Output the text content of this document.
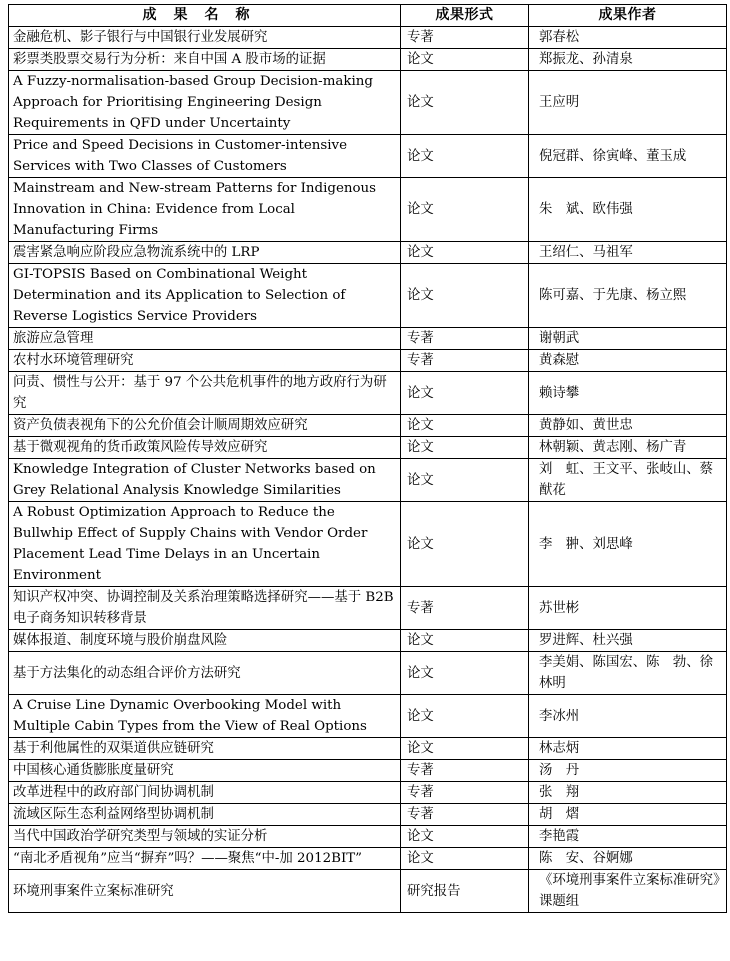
成果名称	成果形式	成果作者
金融危机、影子银行与中国银行业发展研究	专著	郭春松
彩票类股票交易行为分析：来自中国 A 股市场的证据	论文	郑振龙、孙清泉
A Fuzzy-normalisation-based Group Decision-making Approach for Prioritising Engineering Design Requirements in QFD under Uncertainty	论文	王应明
Price and Speed Decisions in Customer-intensive Services with Two Classes of Customers	论文	倪冠群、徐寅峰、董玉成
Mainstream and New-stream Patterns for Indigenous Innovation in China: Evidence from Local Manufacturing Firms	论文	朱　斌、欧伟强
震害紧急响应阶段应急物流系统中的 LRP	论文	王绍仁、马祖军
GI-TOPSIS Based on Combinational Weight Determination and its Application to Selection of Reverse Logistics Service Providers	论文	陈可嘉、于先康、杨立熙
旅游应急管理	专著	谢朝武
农村水环境管理研究	专著	黄森慰
问责、惯性与公开：基于 97 个公共危机事件的地方政府行为研究	论文	赖诗攀
资产负债表视角下的公允价值会计顺周期效应研究	论文	黄静如、黄世忠
基于微观视角的货币政策风险传导效应研究	论文	林朝颖、黄志刚、杨广青
Knowledge Integration of Cluster Networks based on Grey Relational Analysis Knowledge Similarities	论文	刘　虹、王文平、张岐山、蔡猷花
A Robust Optimization Approach to Reduce the Bullwhip Effect of Supply Chains with Vendor Order Placement Lead Time Delays in an Uncertain Environment	论文	李　翀、刘思峰
知识产权冲突、协调控制及关系治理策略选择研究——基于 B2B 电子商务知识转移背景	专著	苏世彬
媒体报道、制度环境与股价崩盘风险	论文	罗进辉、杜兴强
基于方法集化的动态组合评价方法研究	论文	李美娟、陈国宏、陈　勃、徐林明
A Cruise Line Dynamic Overbooking Model with Multiple Cabin Types from the View of Real Options	论文	李冰州
基于利他属性的双渠道供应链研究	论文	林志炳
中国核心通货膨胀度量研究	专著	汤　丹
改革进程中的政府部门间协调机制	专著	张　翔
流域区际生态利益网络型协调机制	专著	胡　熠
当代中国政治学研究类型与领域的实证分析	论文	李艳霞
“南北矛盾视角”应当“摒弃”吗？——聚焦“中-加 2012BIT”	论文	陈　安、谷婀娜
环境刑事案件立案标准研究	研究报告	《环境刑事案件立案标准研究》课题组
